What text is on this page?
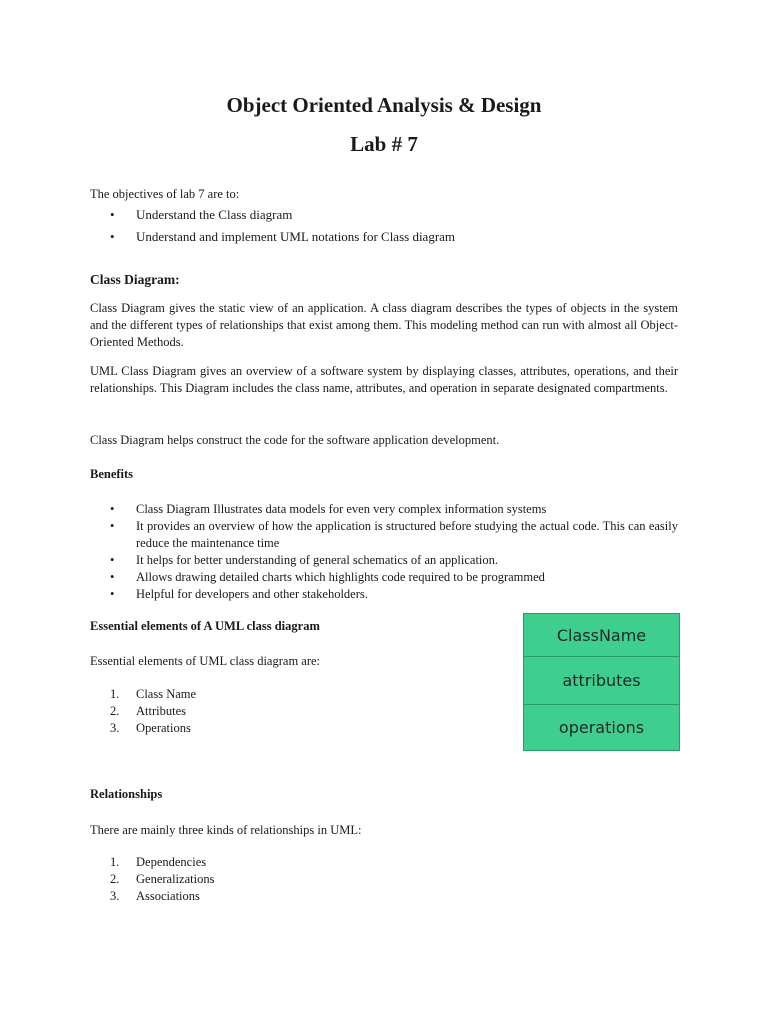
Object Oriented Analysis & Design
Lab # 7

The objectives of lab 7 are to:

• Understand the Class diagram
• Understand and implement UML notations for Class diagram
Class Diagram:

Class Diagram gives the static view of an application. A class diagram describes the types of objects in the system and the different types of relationships that exist among them. This modeling method can run with almost all Object-Oriented Methods.

UML Class Diagram gives an overview of a software system by displaying classes, attributes, operations, and their relationships. This Diagram includes the class name, attributes, and operation in separate designated compartments.

Class Diagram helps construct the code for the software application development.

Benefits
• Class Diagram Illustrates data models for even very complex information systems
• It provides an overview of how the application is structured before studying the actual code. This can easily reduce the maintenance time
• It helps for better understanding of general schematics of an application.
• Allows drawing detailed charts which highlights code required to be programmed
• Helpful for developers and other stakeholders.
Essential elements of A UML class diagram

Essential elements of UML class diagram are:

1. Class Name
2. Attributes
3. Operations
ClassName
attributes
operations
Relationships

There are mainly three kinds of relationships in UML:

1. Dependencies
2. Generalizations
3. Associations
